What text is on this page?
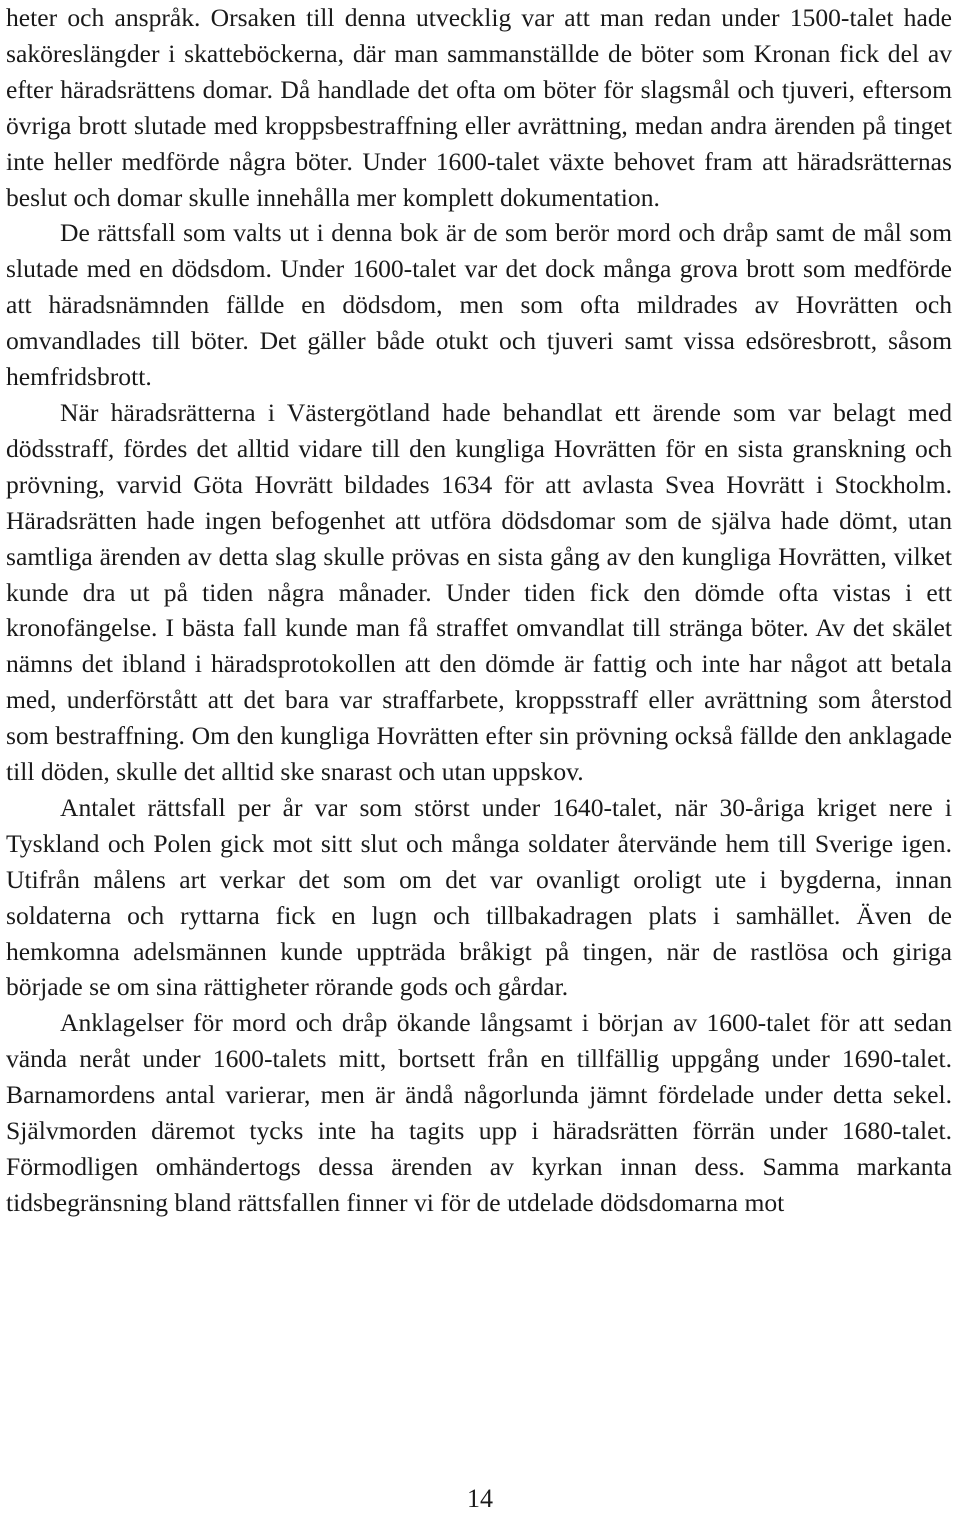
heter och anspråk. Orsaken till denna utvecklig var att man redan under 1500-talet hade saköreslängder i skatteböckerna, där man sammanställde de böter som Kronan fick del av efter häradsrättens domar. Då handlade det ofta om böter för slagsmål och tjuveri, eftersom övriga brott slutade med kroppsbestraffning eller avrättning, medan andra ärenden på tinget inte heller medförde några böter. Under 1600-talet växte behovet fram att häradsrätternas beslut och domar skulle innehålla mer komplett dokumentation.

De rättsfall som valts ut i denna bok är de som berör mord och dråp samt de mål som slutade med en dödsdom. Under 1600-talet var det dock många grova brott som medförde att häradsnämnden fällde en dödsdom, men som ofta mildrades av Hovrätten och omvandlades till böter. Det gäller både otukt och tjuveri samt vissa edsöresbrott, såsom hemfridsbrott.

När häradsrätterna i Västergötland hade behandlat ett ärende som var belagt med dödsstraff, fördes det alltid vidare till den kungliga Hovrätten för en sista granskning och prövning, varvid Göta Hovrätt bildades 1634 för att avlasta Svea Hovrätt i Stockholm. Häradsrätten hade ingen befogenhet att utföra dödsdomar som de själva hade dömt, utan samtliga ärenden av detta slag skulle prövas en sista gång av den kungliga Hovrätten, vilket kunde dra ut på tiden några månader. Under tiden fick den dömde ofta vistas i ett kronofängelse. I bästa fall kunde man få straffet omvandlat till stränga böter. Av det skälet nämns det ibland i häradsprotokollen att den dömde är fattig och inte har något att betala med, underförstått att det bara var straffarbete, kroppsstraff eller avrättning som återstod som bestraffning. Om den kungliga Hovrätten efter sin prövning också fällde den anklagade till döden, skulle det alltid ske snarast och utan uppskov.

Antalet rättsfall per år var som störst under 1640-talet, när 30-åriga kriget nere i Tyskland och Polen gick mot sitt slut och många soldater återvände hem till Sverige igen. Utifrån målens art verkar det som om det var ovanligt oroligt ute i bygderna, innan soldaterna och ryttarna fick en lugn och tillbakadragen plats i samhället. Även de hemkomna adelsmännen kunde uppträda bråkigt på tingen, när de rastlösa och giriga började se om sina rättigheter rörande gods och gårdar.

Anklagelser för mord och dråp ökande långsamt i början av 1600-talet för att sedan vända neråt under 1600-talets mitt, bortsett från en tillfällig uppgång under 1690-talet. Barnamordens antal varierar, men är ändå någorlunda jämnt fördelade under detta sekel. Självmorden däremot tycks inte ha tagits upp i häradsrätten förrän under 1680-talet. Förmodligen omhändertogs dessa ärenden av kyrkan innan dess. Samma markanta tidsbegränsning bland rättsfallen finner vi för de utdelade dödsdomarna mot

14
